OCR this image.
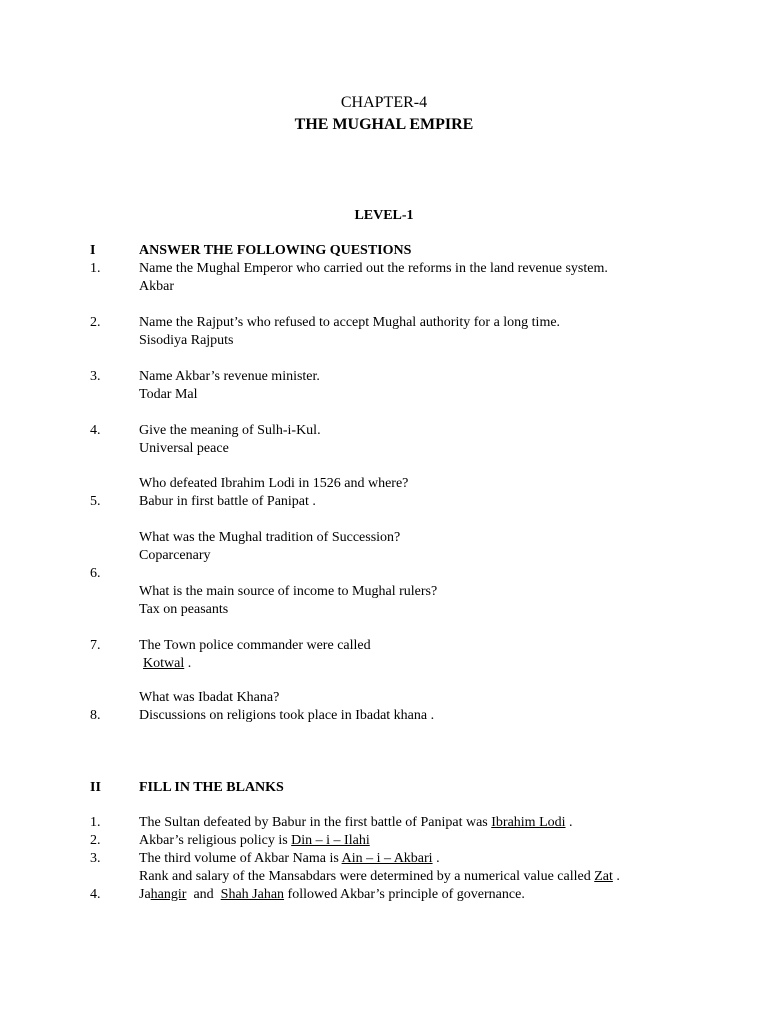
CHAPTER-4
THE MUGHAL EMPIRE
LEVEL-1
I	ANSWER THE FOLLOWING QUESTIONS
1.	Name the Mughal Emperor who carried out the reforms in the land revenue system.
Akbar
2.	Name the Rajput’s who refused to accept Mughal authority for a long time.
Sisodiya Rajputs
3.	Name Akbar’s revenue minister.
Todar Mal
4.	Give the meaning of Sulh-i-Kul.
Universal peace
Who defeated Ibrahim Lodi in 1526 and where?
5.	Babur in first battle of Panipat .
What was the Mughal tradition of Succession?
Coparcenary
6.
What is the main source of income to Mughal rulers?
Tax on peasants
7.	The Town police commander were called
Kotwal .
What was Ibadat Khana?
8.	Discussions on religions took place in Ibadat khana .
II	FILL IN THE BLANKS
1.	The Sultan defeated by Babur in the first battle of Panipat was Ibrahim Lodi .
2.	Akbar’s religious policy is Din – i – Ilahi
3.	The third volume of Akbar Nama is Ain – i – Akbari .
Rank and salary of the Mansabdars were determined by a numerical value called Zat .
4.	Jahangir  and  Shah Jahan followed Akbar’s principle of governance.
